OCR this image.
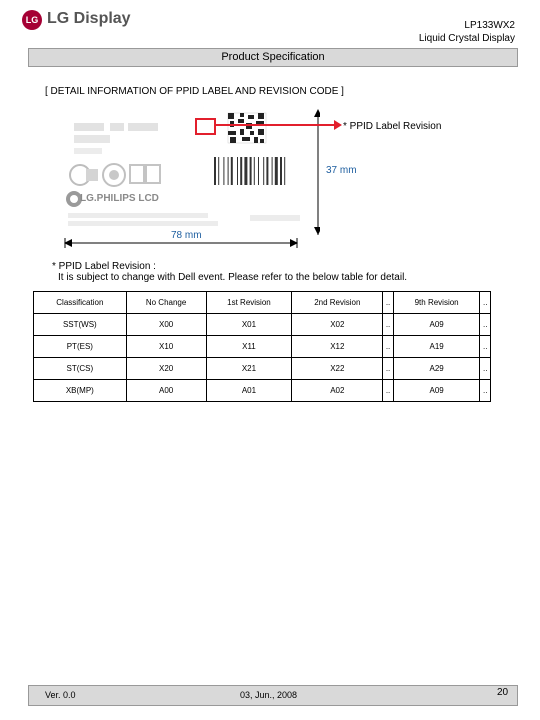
LG LG Display	LP133WX2
Liquid Crystal Display
Product Specification
[ DETAIL INFORMATION OF PPID LABEL AND REVISION CODE ]
LG.PHILIPS LCD
* PPID Label Revision
37 mm
78 mm
* PPID Label Revision :
It is subject to change with Dell event. Please refer to the below table for detail.
Classification	No Change	1st Revision	2nd Revision	..	9th Revision	..
SST(WS)	X00	X01	X02	..	A09	..
PT(ES)	X10	X11	X12	..	A19	..
ST(CS)	X20	X21	X22	..	A29	..
XB(MP)	A00	A01	A02	..	A09	..
Ver. 0.0	03, Jun., 2008	20
